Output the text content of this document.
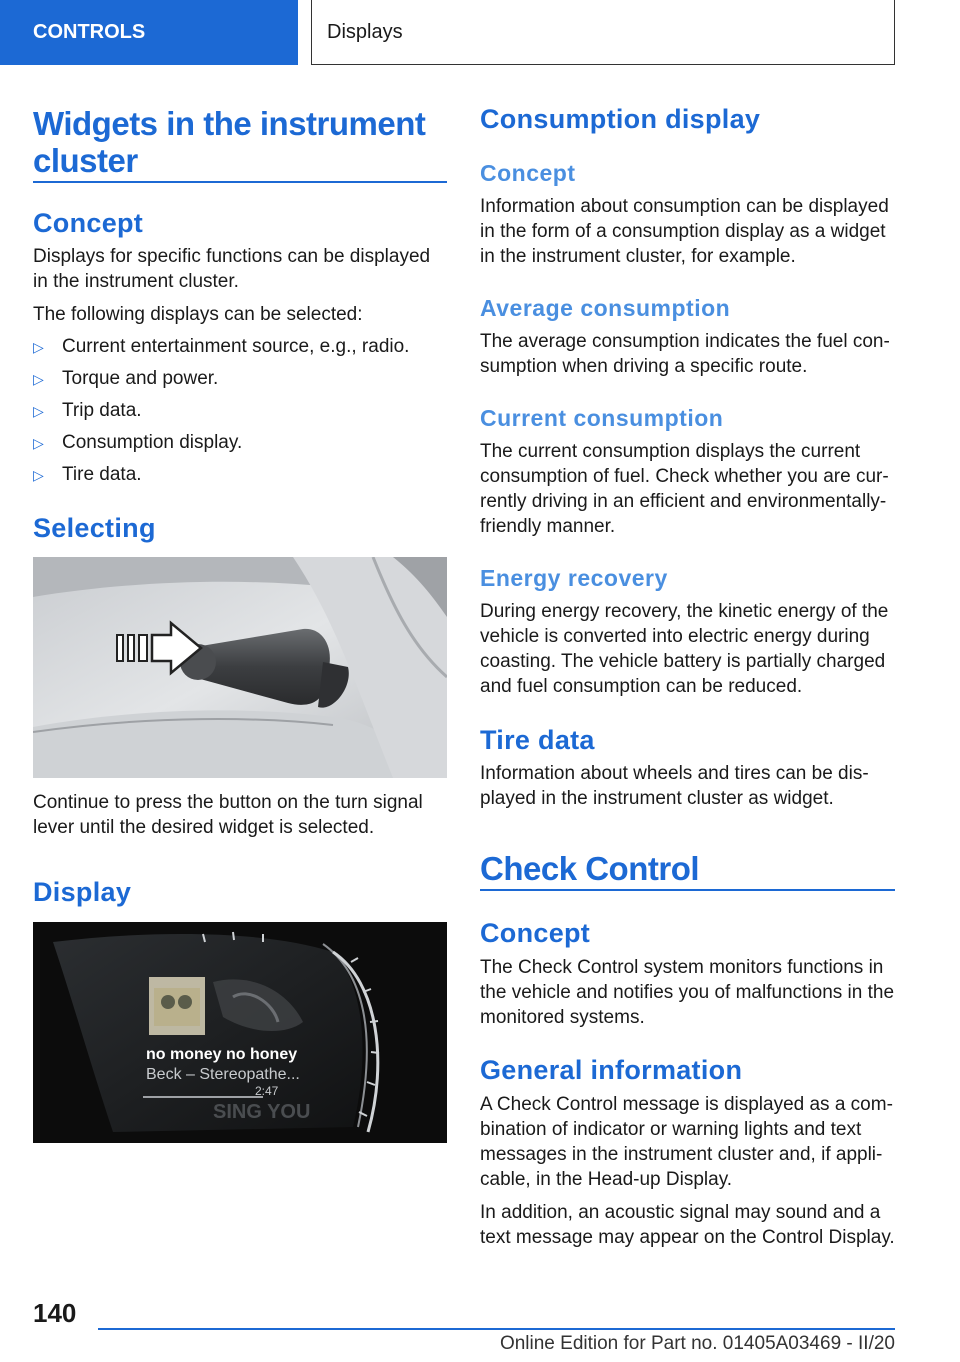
CONTROLS	Displays
Widgets in the instrument cluster
Concept

Displays for specific functions can be displayed in the instrument cluster.

The following displays can be selected:

▷ Current entertainment source, e.g., radio.
▷ Torque and power.
▷ Trip data.
▷ Consumption display.
▷ Tire data.
Selecting

Continue to press the button on the turn signal lever until the desired widget is selected.

Display
SING YOU
no money no honey
Beck – Stereopathe...
2:47
Consumption display
Concept

Information about consumption can be displayed in the form of a consumption display as a widget in the instrument cluster, for example.

Average consumption

The average consumption indicates the fuel con-sumption when driving a specific route.

Current consumption

The current consumption displays the current consumption of fuel. Check whether you are cur-rently driving in an efficient and environmentally-friendly manner.

Energy recovery

During energy recovery, the kinetic energy of the vehicle is converted into electric energy during coasting. The vehicle battery is partially charged and fuel consumption can be reduced.

Tire data

Information about wheels and tires can be dis-played in the instrument cluster as widget.

Check Control
Concept

The Check Control system monitors functions in the vehicle and notifies you of malfunctions in the monitored systems.

General information

A Check Control message is displayed as a com-bination of indicator or warning lights and text messages in the instrument cluster and, if appli-cable, in the Head-up Display.

In addition, an acoustic signal may sound and a text message may appear on the Control Display.

140
Online Edition for Part no. 01405A03469 - II/20
